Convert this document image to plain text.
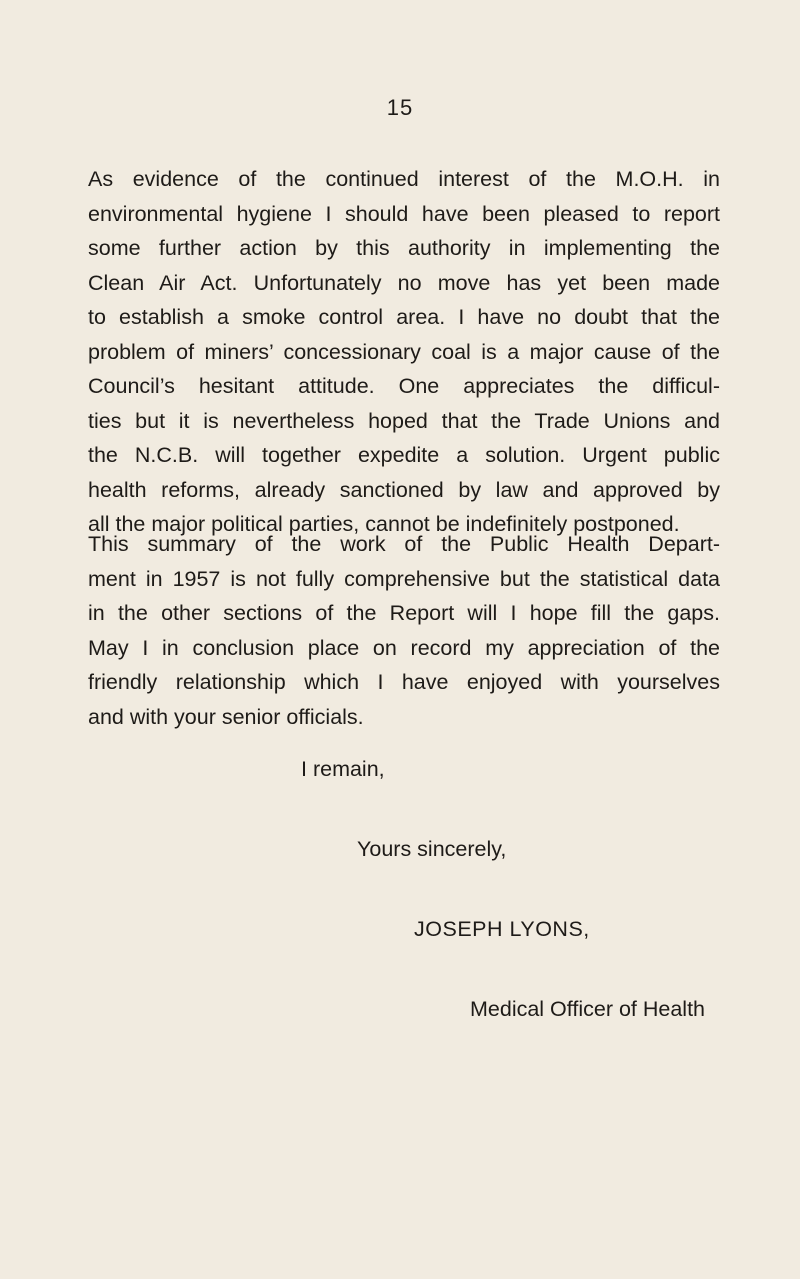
15
As evidence of the continued interest of the M.O.H. in
environmental hygiene I should have been pleased to report
some further action by this authority in implementing the
Clean Air Act. Unfortunately no move has yet been made
to establish a smoke control area. I have no doubt that the
problem of miners’ concessionary coal is a major cause of the
Council’s hesitant attitude. One appreciates the difficul-
ties but it is nevertheless hoped that the Trade Unions and
the N.C.B. will together expedite a solution. Urgent public
health reforms, already sanctioned by law and approved by
all the major political parties, cannot be indefinitely postponed.
This summary of the work of the Public Health Depart-
ment in 1957 is not fully comprehensive but the statistical data
in the other sections of the Report will I hope fill the gaps.
May I in conclusion place on record my appreciation of the
friendly relationship which I have enjoyed with yourselves
and with your senior officials.
I remain,
Yours sincerely,
JOSEPH LYONS,
Medical Officer of Health
